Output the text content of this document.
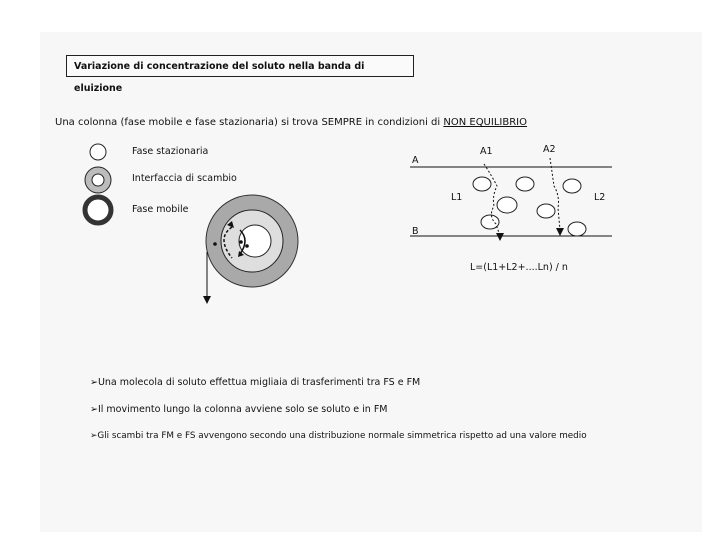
Variazione di concentrazione del soluto nella banda di eluizione
Una colonna (fase mobile e fase stazionaria) si trova SEMPRE in condizioni di NON EQUILIBRIO
Fase stazionaria
Interfaccia di scambio
Fase mobile
A
B
A1	A2
L1	L2
L=(L1+L2+....Ln) / n
➢Una molecola di soluto effettua migliaia di trasferimenti tra FS e FM
➢Il movimento lungo la colonna avviene solo se soluto e in FM
➢Gli scambi tra FM e FS avvengono secondo una distribuzione normale simmetrica rispetto ad una valore medio
